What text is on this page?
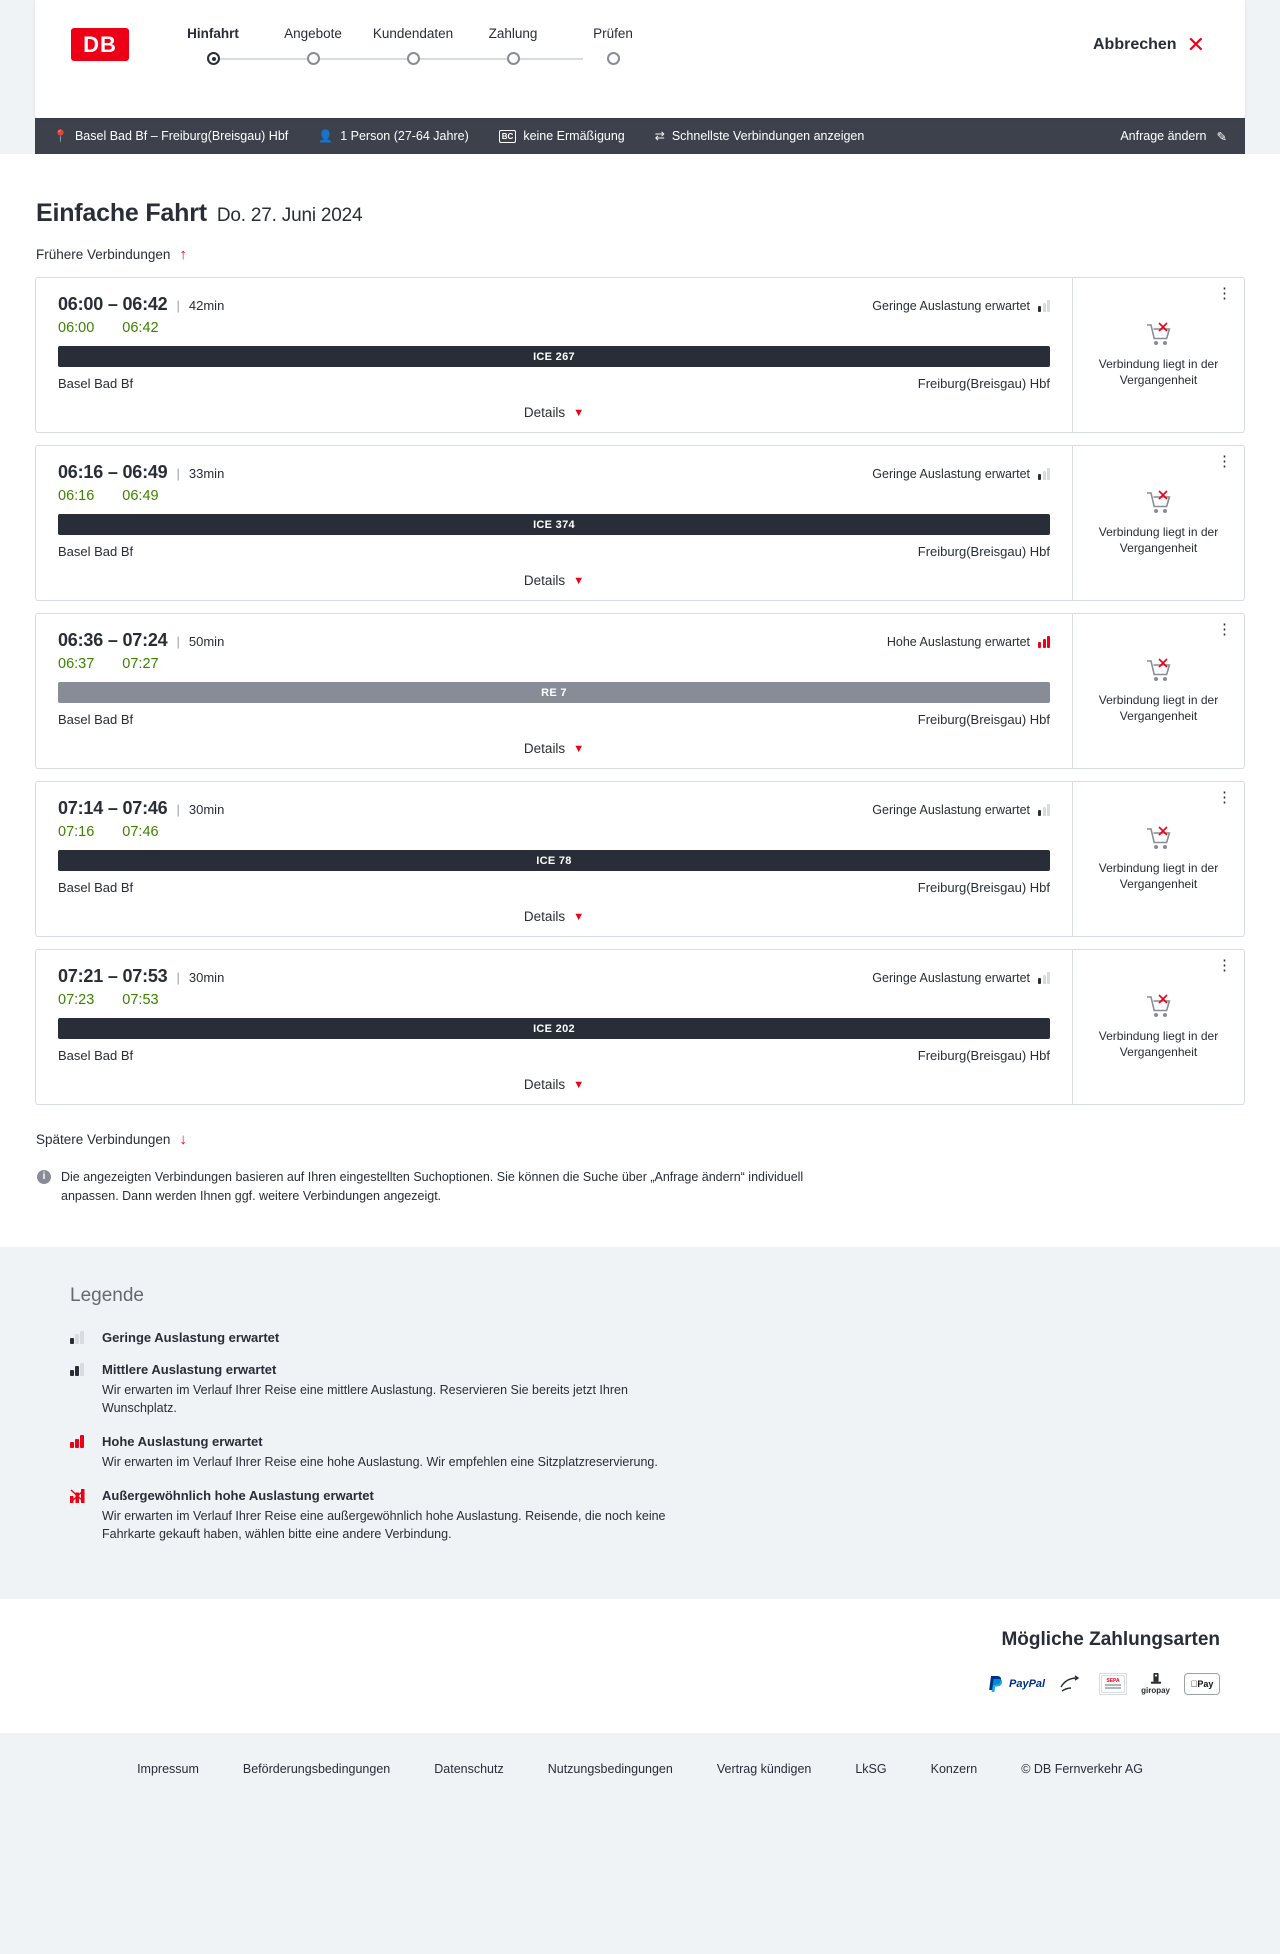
DB	Hinfahrt	Angebote	Kundendaten	Zahlung	Prüfen
Abbrechen ✕
📍 Basel Bad Bf – Freiburg(Breisgau) Hbf	👤 1 Person (27-64 Jahre)	BC keine Ermäßigung	⇄ Schnellste Verbindungen anzeigen	Anfrage ändern ✎
Einfache Fahrt Do. 27. Juni 2024
Frühere Verbindungen ↑
06:00 – 06:42 | 42min	Geringe Auslastung erwartet
06:00 06:42
ICE 267
Basel Bad Bf	Freiburg(Breisgau) Hbf
Details ▼
⋮
Verbindung liegt in der Vergangenheit
06:16 – 06:49 | 33min	Geringe Auslastung erwartet
06:16 06:49
ICE 374
Basel Bad Bf	Freiburg(Breisgau) Hbf
Details ▼
⋮
Verbindung liegt in der Vergangenheit
06:36 – 07:24 | 50min	Hohe Auslastung erwartet
06:37 07:27
RE 7
Basel Bad Bf	Freiburg(Breisgau) Hbf
Details ▼
⋮
Verbindung liegt in der Vergangenheit
07:14 – 07:46 | 30min	Geringe Auslastung erwartet
07:16 07:46
ICE 78
Basel Bad Bf	Freiburg(Breisgau) Hbf
Details ▼
⋮
Verbindung liegt in der Vergangenheit
07:21 – 07:53 | 30min	Geringe Auslastung erwartet
07:23 07:53
ICE 202
Basel Bad Bf	Freiburg(Breisgau) Hbf
Details ▼
⋮
Verbindung liegt in der Vergangenheit
Spätere Verbindungen ↓
i	Die angezeigten Verbindungen basieren auf Ihren eingestellten Suchoptionen. Sie können die Suche über „Anfrage ändern“ individuell anpassen. Dann werden Ihnen ggf. weitere Verbindungen angezeigt.
Legende
Geringe Auslastung erwartet
Mittlere Auslastung erwartet

Wir erwarten im Verlauf Ihrer Reise eine mittlere Auslastung. Reservieren Sie bereits jetzt Ihren Wunschplatz.

Hohe Auslastung erwartet

Wir erwarten im Verlauf Ihrer Reise eine hohe Auslastung. Wir empfehlen eine Sitzplatzreservierung.

Außergewöhnlich hohe Auslastung erwartet

Wir erwarten im Verlauf Ihrer Reise eine außergewöhnlich hohe Auslastung. Reisende, die noch keine Fahrkarte gekauft haben, wählen bitte eine andere Verbindung.

Mögliche Zahlungsarten
PayPal	SEPA
giropay
Pay
Impressum	Beförderungsbedingungen	Datenschutz	Nutzungsbedingungen	Vertrag kündigen	LkSG	Konzern	© DB Fernverkehr AG
